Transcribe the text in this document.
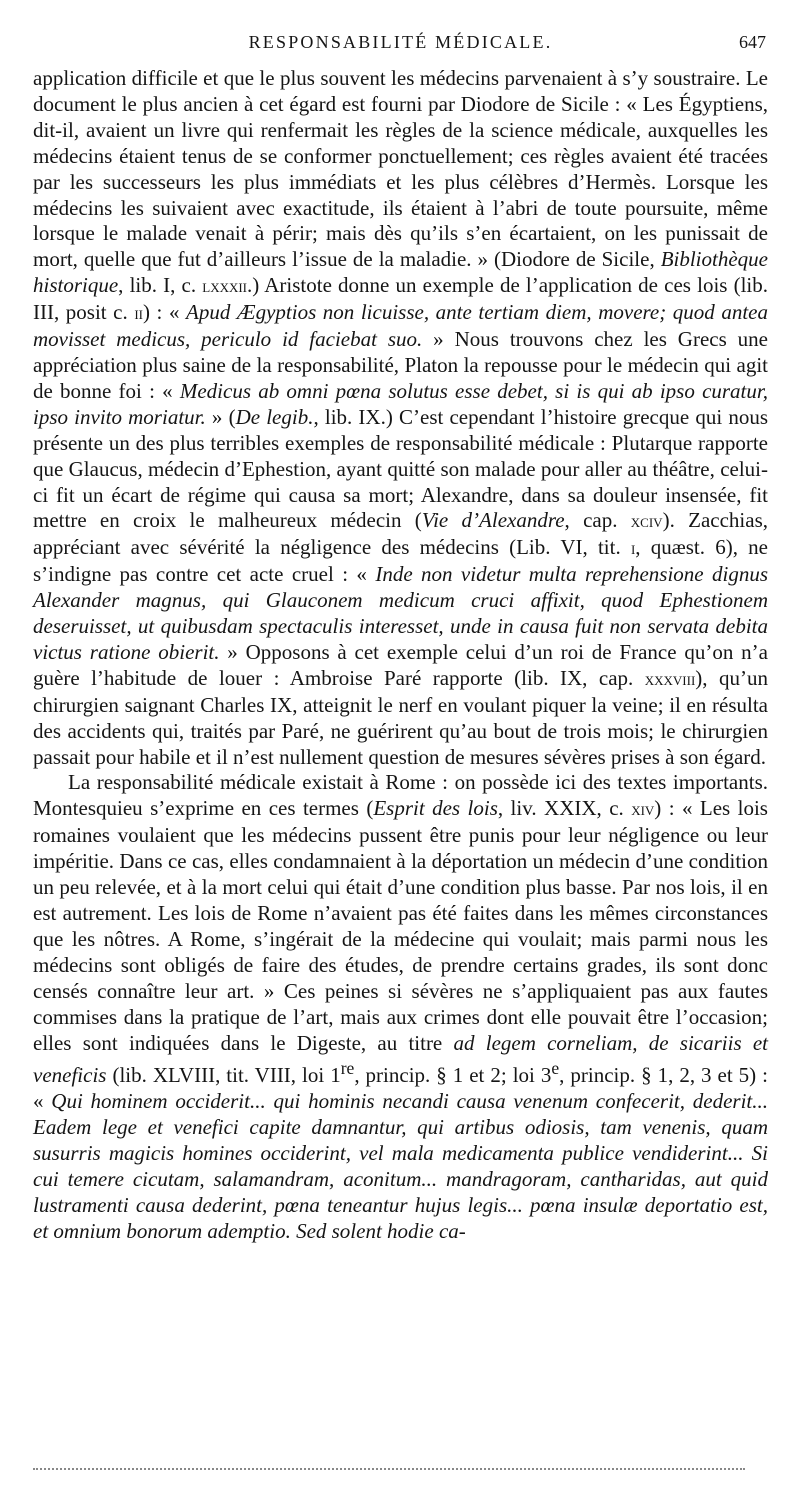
RESPONSABILITÉ MÉDICALE.	647

application difficile et que le plus souvent les médecins parvenaient à s’y soustraire. Le document le plus ancien à cet égard est fourni par Diodore de Sicile : « Les Égyptiens, dit-il, avaient un livre qui renfermait les règles de la science médicale, auxquelles les médecins étaient tenus de se conformer ponctuellement; ces règles avaient été tracées par les successeurs les plus immédiats et les plus célèbres d’Hermès. Lorsque les médecins les suivaient avec exactitude, ils étaient à l’abri de toute poursuite, même lorsque le malade venait à périr; mais dès qu’ils s’en écartaient, on les punissait de mort, quelle que fut d’ailleurs l’issue de la maladie. » (Diodore de Sicile, Bibliothèque historique, lib. I, c. lxxxii.) Aristote donne un exemple de l’application de ces lois (lib. III, posit c. ii) : « Apud Ægyptios non licuisse, ante tertiam diem, movere; quod antea movisset medicus, periculo id faciebat suo. » Nous trouvons chez les Grecs une appréciation plus saine de la responsabilité, Platon la repousse pour le médecin qui agit de bonne foi : « Medicus ab omni pœna solutus esse debet, si is qui ab ipso curatur, ipso invito moriatur. » (De legib., lib. IX.) C’est cependant l’histoire grecque qui nous présente un des plus terribles exemples de responsabilité médicale : Plutarque rapporte que Glaucus, médecin d’Ephestion, ayant quitté son malade pour aller au théâtre, celui-ci fit un écart de régime qui causa sa mort; Alexandre, dans sa douleur insensée, fit mettre en croix le malheureux médecin (Vie d’Alexandre, cap. xciv). Zacchias, appréciant avec sévérité la négligence des médecins (Lib. VI, tit. i, quæst. 6), ne s’indigne pas contre cet acte cruel : « Inde non videtur multa reprehensione dignus Alexander magnus, qui Glauconem medicum cruci affixit, quod Ephestionem deseruisset, ut quibusdam spectaculis interesset, unde in causa fuit non servata debita victus ratione obierit. » Opposons à cet exemple celui d’un roi de France qu’on n’a guère l’habitude de louer : Ambroise Paré rapporte (lib. IX, cap. xxxviii), qu’un chirurgien saignant Charles IX, atteignit le nerf en voulant piquer la veine; il en résulta des accidents qui, traités par Paré, ne guérirent qu’au bout de trois mois; le chirurgien passait pour habile et il n’est nullement question de mesures sévères prises à son égard.

La responsabilité médicale existait à Rome : on possède ici des textes importants. Montesquieu s’exprime en ces termes (Esprit des lois, liv. XXIX, c. xiv) : « Les lois romaines voulaient que les médecins pussent être punis pour leur négligence ou leur impéritie. Dans ce cas, elles condamnaient à la déportation un médecin d’une condition un peu relevée, et à la mort celui qui était d’une condition plus basse. Par nos lois, il en est autrement. Les lois de Rome n’avaient pas été faites dans les mêmes circonstances que les nôtres. A Rome, s’ingérait de la médecine qui voulait; mais parmi nous les médecins sont obligés de faire des études, de prendre certains grades, ils sont donc censés connaître leur art. » Ces peines si sévères ne s’appliquaient pas aux fautes commises dans la pratique de l’art, mais aux crimes dont elle pouvait être l’occasion; elles sont indiquées dans le Digeste, au titre ad legem corneliam, de sicariis et veneficis (lib. XLVIII, tit. VIII, loi 1re, princip. § 1 et 2; loi 3e, princip. § 1, 2, 3 et 5) : « Qui hominem occiderit... qui hominis necandi causa venenum confecerit, dederit... Eadem lege et venefici capite damnantur, qui artibus odiosis, tam venenis, quam susurris magicis homines occiderint, vel mala medicamenta publice vendiderint... Si cui temere cicutam, salamandram, aconitum... mandragoram, cantharidas, aut quid lustramenti causa dederint, pœna teneantur hujus legis... pœna insulæ deportatio est, et omnium bonorum ademptio. Sed solent hodie ca-
